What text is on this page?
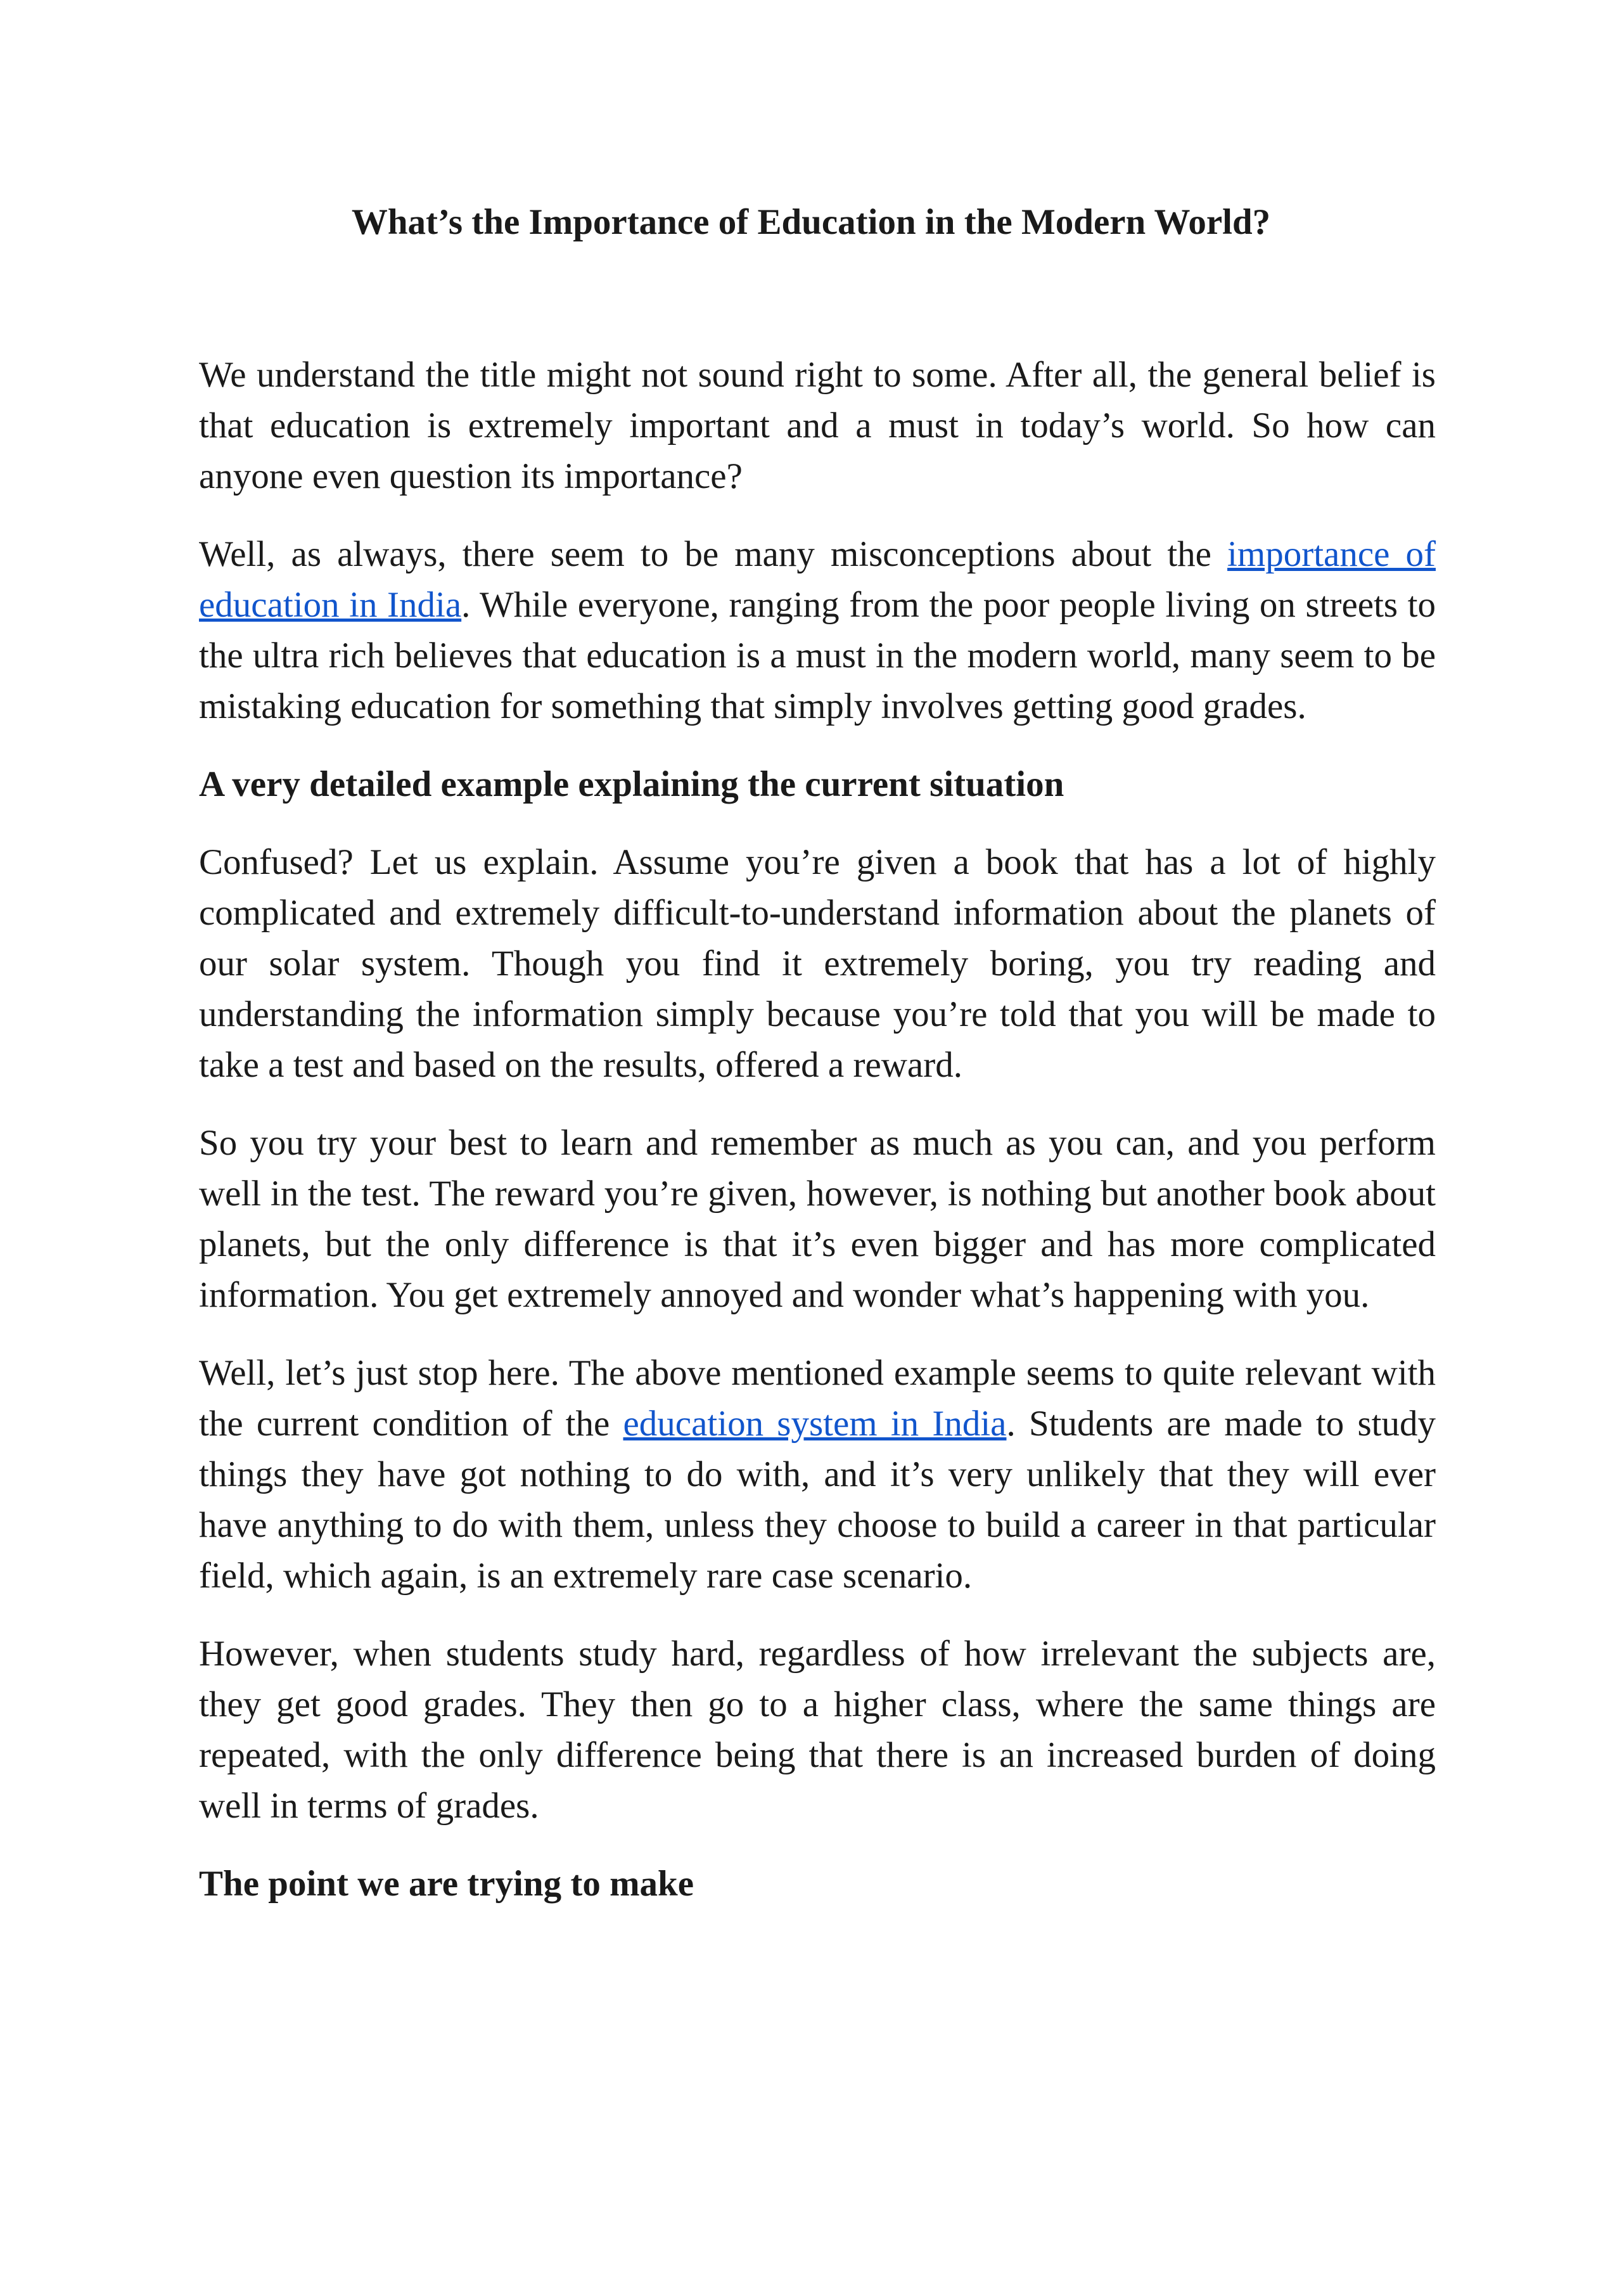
What’s the Importance of Education in the Modern World?

We understand the title might not sound right to some. After all, the general belief is that education is extremely important and a must in today’s world. So how can anyone even question its importance?

Well, as always, there seem to be many misconceptions about the importance of education in India. While everyone, ranging from the poor people living on streets to the ultra rich believes that education is a must in the modern world, many seem to be mistaking education for something that simply involves getting good grades.

A very detailed example explaining the current situation

Confused? Let us explain. Assume you’re given a book that has a lot of highly complicated and extremely difficult-to-understand information about the planets of our solar system. Though you find it extremely boring, you try reading and understanding the information simply because you’re told that you will be made to take a test and based on the results, offered a reward.

So you try your best to learn and remember as much as you can, and you perform well in the test. The reward you’re given, however, is nothing but another book about planets, but the only difference is that it’s even bigger and has more complicated information. You get extremely annoyed and wonder what’s happening with you.

Well, let’s just stop here. The above mentioned example seems to quite relevant with the current condition of the education system in India. Students are made to study things they have got nothing to do with, and it’s very unlikely that they will ever have anything to do with them, unless they choose to build a career in that particular field, which again, is an extremely rare case scenario.

However, when students study hard, regardless of how irrelevant the subjects are, they get good grades. They then go to a higher class, where the same things are repeated, with the only difference being that there is an increased burden of doing well in terms of grades.

The point we are trying to make
